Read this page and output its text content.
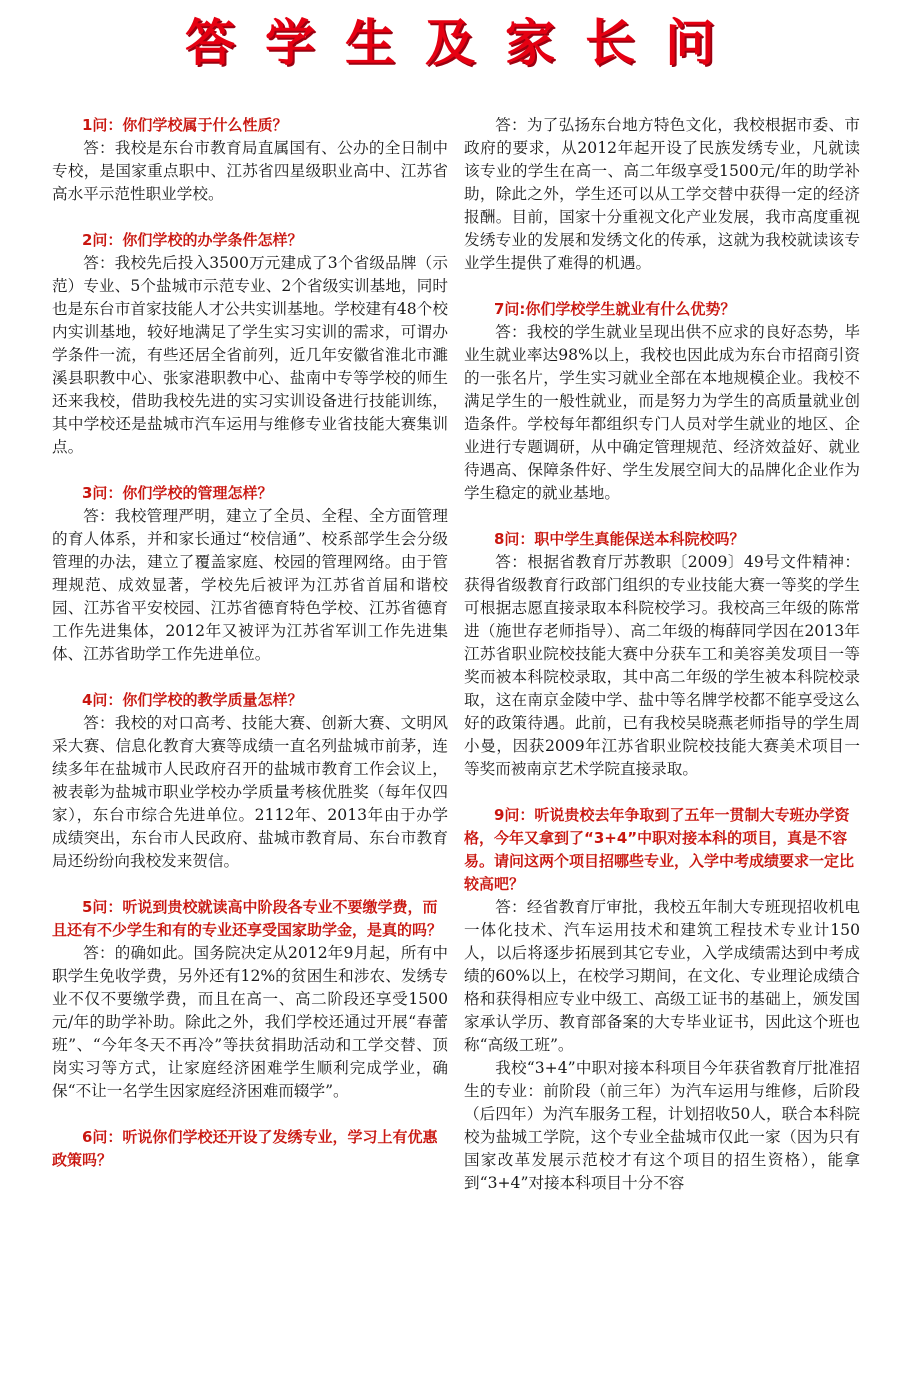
答学生及家长问

1问：你们学校属于什么性质？

答：我校是东台市教育局直属国有、公办的全日制中专校，是国家重点职中、江苏省四星级职业高中、江苏省高水平示范性职业学校。

2问：你们学校的办学条件怎样？

答：我校先后投入3500万元建成了3个省级品牌（示范）专业、5个盐城市示范专业、2个省级实训基地，同时也是东台市首家技能人才公共实训基地。学校建有48个校内实训基地，较好地满足了学生实习实训的需求，可谓办学条件一流，有些还居全省前列，近几年安徽省淮北市濉溪县职教中心、张家港职教中心、盐南中专等学校的师生还来我校，借助我校先进的实习实训设备进行技能训练，其中学校还是盐城市汽车运用与维修专业省技能大赛集训点。

3问：你们学校的管理怎样？

答：我校管理严明，建立了全员、全程、全方面管理的育人体系，并和家长通过“校信通”、校系部学生会分级管理的办法，建立了覆盖家庭、校园的管理网络。由于管理规范、成效显著，学校先后被评为江苏省首届和谐校园、江苏省平安校园、江苏省德育特色学校、江苏省德育工作先进集体，2012年又被评为江苏省军训工作先进集体、江苏省助学工作先进单位。

4问：你们学校的教学质量怎样？

答：我校的对口高考、技能大赛、创新大赛、文明风采大赛、信息化教育大赛等成绩一直名列盐城市前茅，连续多年在盐城市人民政府召开的盐城市教育工作会议上，被表彰为盐城市职业学校办学质量考核优胜奖（每年仅四家），东台市综合先进单位。2112年、2013年由于办学成绩突出，东台市人民政府、盐城市教育局、东台市教育局还纷纷向我校发来贺信。

5问：听说到贵校就读高中阶段各专业不要缴学费，而且还有不少学生和有的专业还享受国家助学金，是真的吗？

答：的确如此。国务院决定从2012年9月起，所有中职学生免收学费，另外还有12%的贫困生和涉农、发绣专业不仅不要缴学费，而且在高一、高二阶段还享受1500元/年的助学补助。除此之外，我们学校还通过开展“春蕾班”、“今年冬天不再冷”等扶贫捐助活动和工学交替、顶岗实习等方式，让家庭经济困难学生顺利完成学业，确保“不让一名学生因家庭经济困难而辍学”。

6问：听说你们学校还开设了发绣专业，学习上有优惠政策吗？

答：为了弘扬东台地方特色文化，我校根据市委、市政府的要求，从2012年起开设了民族发绣专业，凡就读该专业的学生在高一、高二年级享受1500元/年的助学补助，除此之外，学生还可以从工学交替中获得一定的经济报酬。目前，国家十分重视文化产业发展，我市高度重视发绣专业的发展和发绣文化的传承，这就为我校就读该专业学生提供了难得的机遇。

7问:你们学校学生就业有什么优势？

答：我校的学生就业呈现出供不应求的良好态势，毕业生就业率达98%以上，我校也因此成为东台市招商引资的一张名片，学生实习就业全部在本地规模企业。我校不满足学生的一般性就业，而是努力为学生的高质量就业创造条件。学校每年都组织专门人员对学生就业的地区、企业进行专题调研，从中确定管理规范、经济效益好、就业待遇高、保障条件好、学生发展空间大的品牌化企业作为学生稳定的就业基地。

8问：职中学生真能保送本科院校吗？

答：根据省教育厅苏教职〔2009〕49号文件精神：获得省级教育行政部门组织的专业技能大赛一等奖的学生可根据志愿直接录取本科院校学习。我校高三年级的陈常进（施世存老师指导）、高二年级的梅薛同学因在2013年江苏省职业院校技能大赛中分获车工和美容美发项目一等奖而被本科院校录取，其中高二年级的学生被本科院校录取，这在南京金陵中学、盐中等名牌学校都不能享受这么好的政策待遇。此前，已有我校吴晓燕老师指导的学生周小曼，因获2009年江苏省职业院校技能大赛美术项目一等奖而被南京艺术学院直接录取。

9问：听说贵校去年争取到了五年一贯制大专班办学资格，今年又拿到了“3+4”中职对接本科的项目，真是不容易。请问这两个项目招哪些专业，入学中考成绩要求一定比较高吧？

答：经省教育厅审批，我校五年制大专班现招收机电一体化技术、汽车运用技术和建筑工程技术专业计150人，以后将逐步拓展到其它专业，入学成绩需达到中考成绩的60%以上，在校学习期间，在文化、专业理论成绩合格和获得相应专业中级工、高级工证书的基础上，颁发国家承认学历、教育部备案的大专毕业证书，因此这个班也称“高级工班”。

我校“3+4”中职对接本科项目今年获省教育厅批准招生的专业：前阶段（前三年）为汽车运用与维修，后阶段（后四年）为汽车服务工程，计划招收50人，联合本科院校为盐城工学院，这个专业全盐城市仅此一家（因为只有国家改革发展示范校才有这个项目的招生资格），能拿到“3+4”对接本科项目十分不容
